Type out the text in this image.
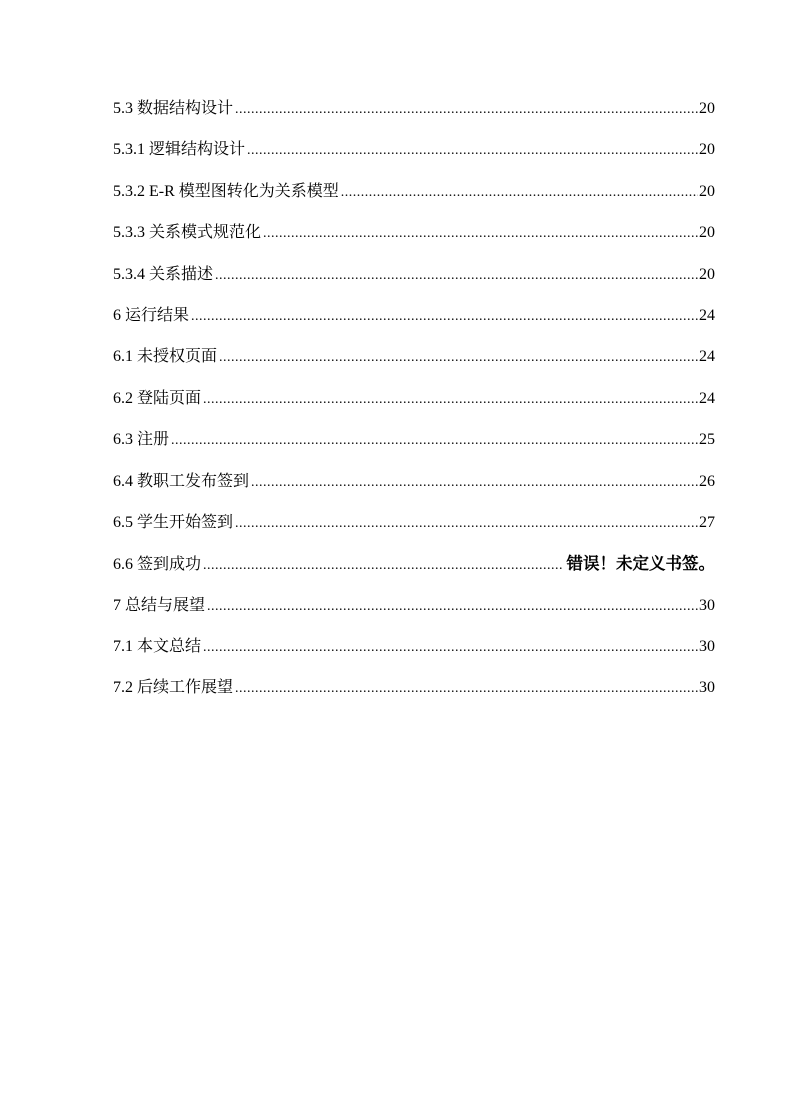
5.3 数据结构设计 .....	20
5.3.1 逻辑结构设计 .....	20
5.3.2 E-R 模型图转化为关系模型 .....	20
5.3.3 关系模式规范化 .....	20
5.3.4 关系描述 .....	20
6 运行结果 .....	24
6.1 未授权页面 .....	24
6.2 登陆页面 .....	24
6.3 注册 .....	25
6.4 教职工发布签到 .....	26
6.5 学生开始签到 .....	27
6.6 签到成功 .....	错误！未定义书签。
7 总结与展望 .....	30
7.1 本文总结 .....	30
7.2 后续工作展望 .....	30
